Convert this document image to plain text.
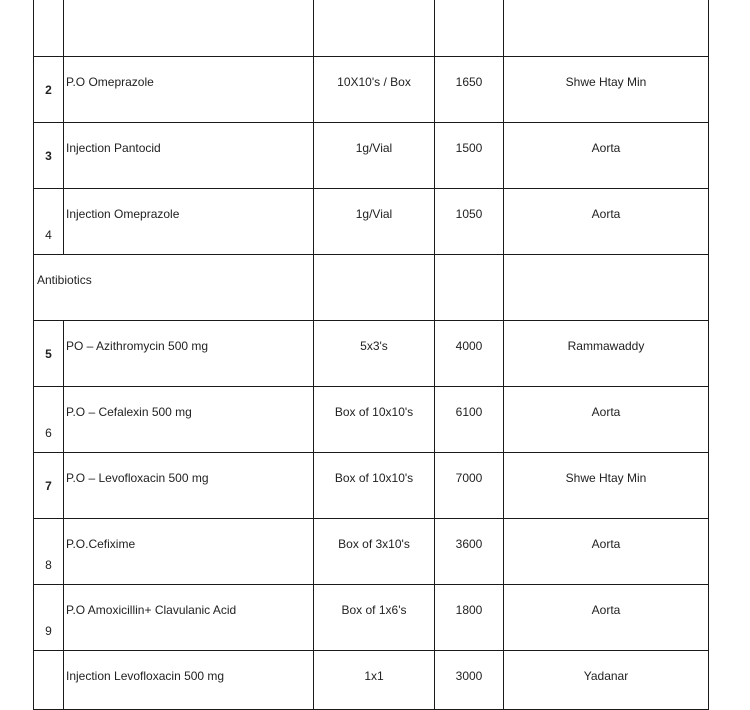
2	P.O Omeprazole	10X10's / Box	1650	Shwe Htay Min
3	Injection Pantocid	1g/Vial	1500	Aorta
4	Injection Omeprazole	1g/Vial	1050	Aorta
Antibiotics				
5	PO – Azithromycin 500 mg	5x3's	4000	Rammawaddy
6	P.O – Cefalexin 500 mg	Box of 10x10's	6100	Aorta
7	P.O – Levofloxacin 500 mg	Box of 10x10's	7000	Shwe Htay Min
8	P.O.Cefixime	Box of 3x10's	3600	Aorta
9	P.O Amoxicillin+ Clavulanic Acid	Box of 1x6's	1800	Aorta
	Injection Levofloxacin 500 mg	1x1	3000	Yadanar
